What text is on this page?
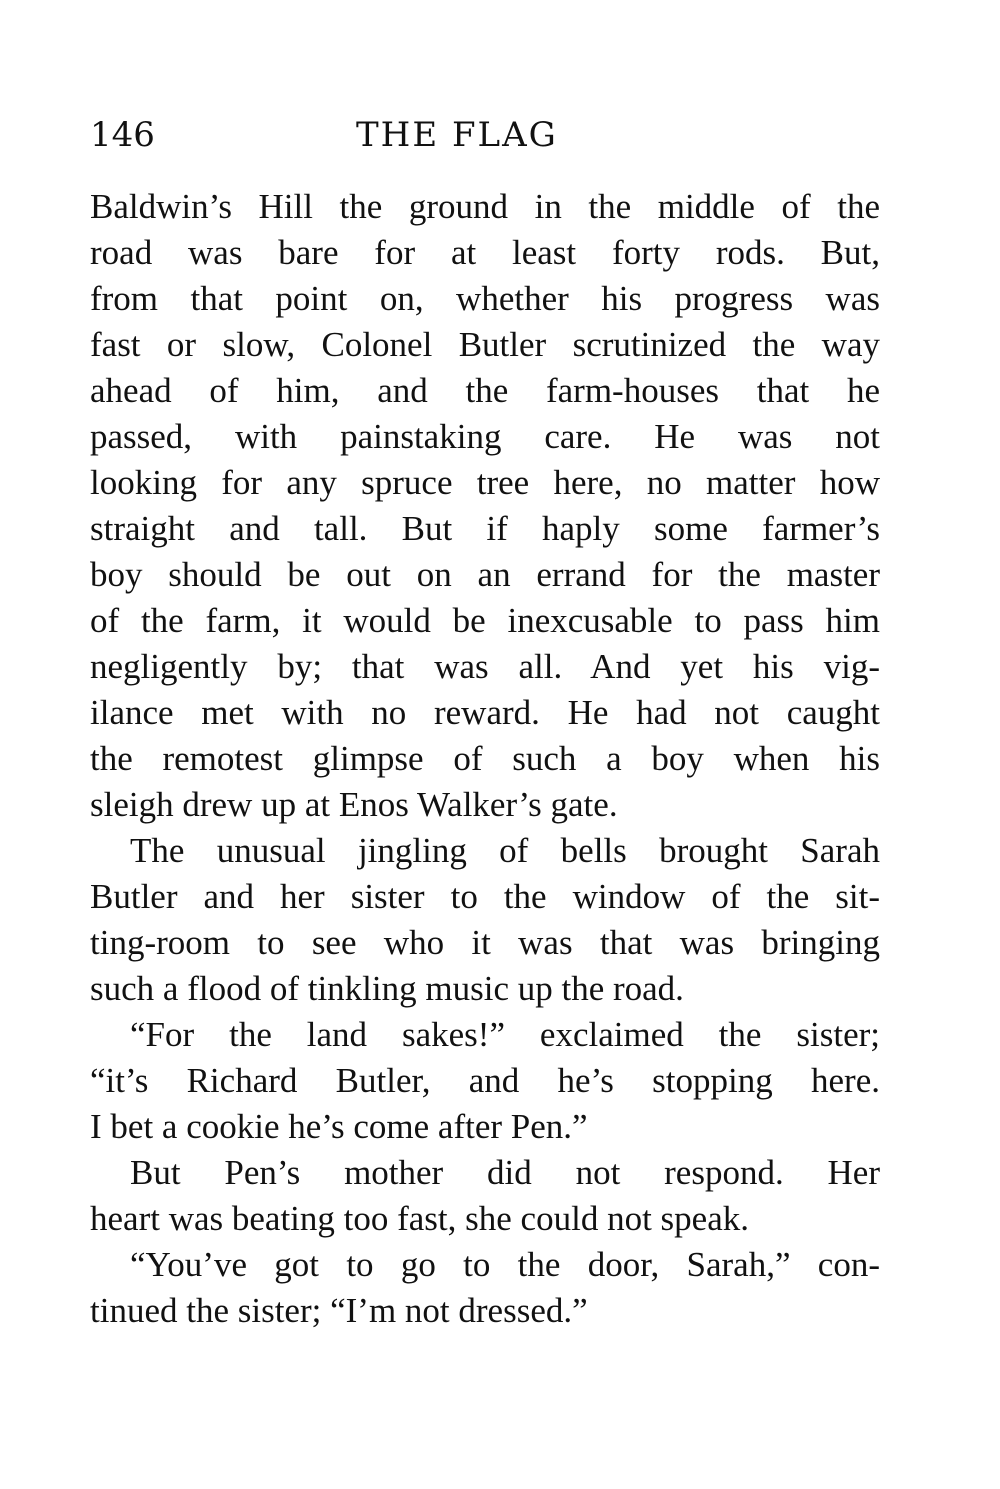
146	THE FLAG

Baldwin’s Hill the ground in the middle of the
road was bare for at least forty rods. But,
from that point on, whether his progress was
fast or slow, Colonel Butler scrutinized the way
ahead of him, and the farm-houses that he
passed, with painstaking care. He was not
looking for any spruce tree here, no matter how
straight and tall. But if haply some farmer’s
boy should be out on an errand for the master
of the farm, it would be inexcusable to pass him
negligently by; that was all. And yet his vig-
ilance met with no reward. He had not caught
the remotest glimpse of such a boy when his
sleigh drew up at Enos Walker’s gate.

The unusual jingling of bells brought Sarah
Butler and her sister to the window of the sit-
ting-room to see who it was that was bringing
such a flood of tinkling music up the road.

“For the land sakes!” exclaimed the sister;
“it’s Richard Butler, and he’s stopping here.
I bet a cookie he’s come after Pen.”

But Pen’s mother did not respond. Her
heart was beating too fast, she could not speak.

“You’ve got to go to the door, Sarah,” con-
tinued the sister; “I’m not dressed.”
